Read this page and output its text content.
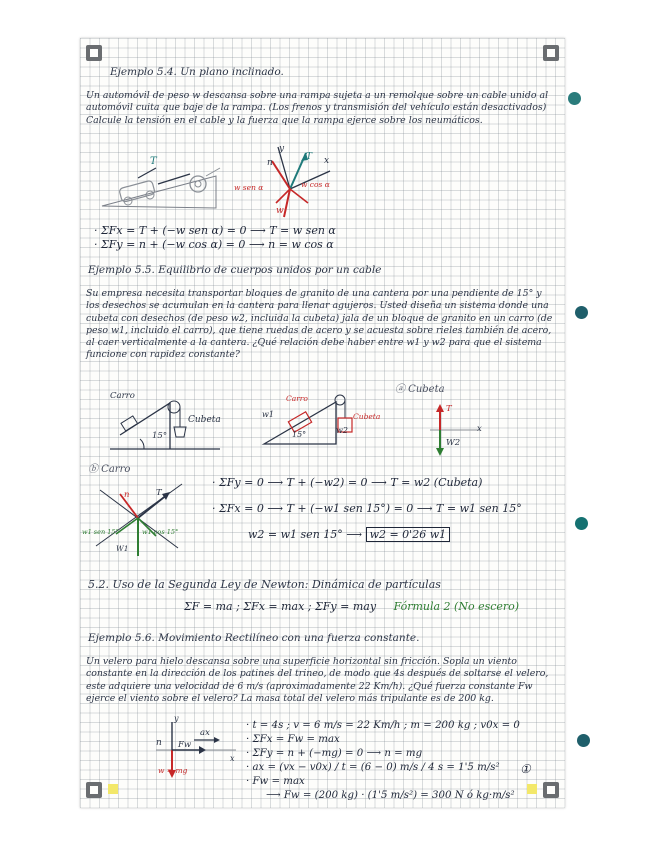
Ejemplo 5.4. Un plano inclinado.
Un automóvil de peso w descansa sobre una rampa sujeta a un remolque sobre un cable unido al automóvil cuita que baje de la rampa. (Los frenos y transmisión del vehículo están desactivados) Calcule la tensión en el cable y la fuerza que la rampa ejerce sobre los neumáticos.
T
y
x
n
T
w sen α	w cos α
w
· ΣFx = T + (−w sen α) = 0 ⟶ T = w sen α
· ΣFy = n + (−w cos α) = 0 ⟶ n = w cos α
Ejemplo 5.5. Equilibrio de cuerpos unidos por un cable
Su empresa necesita transportar bloques de granito de una cantera por una pendiente de 15° y los desechos se acumulan en la cantera para llenar agujeros. Usted diseña un sistema donde una cubeta con desechos (de peso w2, incluida la cubeta) jala de un bloque de granito en un carro (de peso w1, incluido el carro), que tiene ruedas de acero y se acuesta sobre rieles también de acero, al caer verticalmente a la cantera. ¿Qué relación debe haber entre w1 y w2 para que el sistema funcione con rapidez constante?
Carro
Cubeta
15°
w1
Carro
15°	w2
Cubeta
ⓐ Cubeta
T
x
W2
ⓑ Carro
n	T
w1 sen 15°	w1 cos 15°
W1
· ΣFy = 0 ⟶ T + (−w2) = 0 ⟶ T = w2 (Cubeta)
· ΣFx = 0 ⟶ T + (−w1 sen 15°) = 0 ⟶ T = w1 sen 15°
w2 = w1 sen 15° ⟶ w2 = 0'26 w1
5.2. Uso de la Segunda Ley de Newton: Dinámica de partículas
ΣF = ma ; ΣFx = max ; ΣFy = may Fórmula 2 (No escero)
Ejemplo 5.6. Movimiento Rectilíneo con una fuerza constante.
Un velero para hielo descansa sobre una superficie horizontal sin fricción. Sopla un viento constante en la dirección de los patines del trineo, de modo que 4s después de soltarse el velero, este adquiere una velocidad de 6 m/s (aproximadamente 22 Km/h). ¿Qué fuerza constante Fw ejerce el viento sobre el velero? La masa total del velero más tripulante es de 200 kg.
n
y
Fw
ax
x
w = mg
· t = 4s ; v = 6 m/s = 22 Km/h ; m = 200 kg ; v0x = 0
· ΣFx = Fw = max
· ΣFy = n + (−mg) = 0 ⟶ n = mg
· ax = (vx − v0x) / t = (6 − 0) m/s / 4 s = 1'5 m/s²
· Fw = max
⟶ Fw = (200 kg) · (1'5 m/s²) = 300 N ó kg·m/s²
①
